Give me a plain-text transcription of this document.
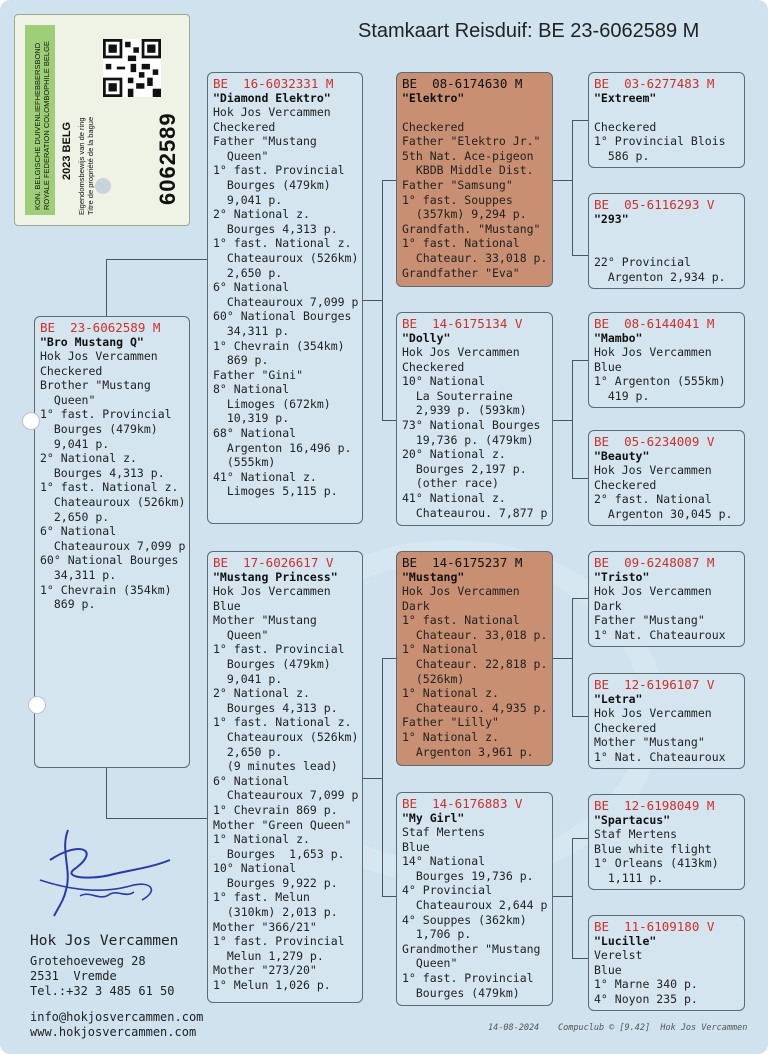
Stamkaart Reisduif: BE 23-6062589 M
KON. BELGISCHE DUIVENLIEFHEBBERSBOND ROYALE FEDERATION COLOMBOPHILE BELGE 2023 BELG Eigendomsbewijs van de ring Titre de propriété de la bague	6062589
BE  23-6062589 M
"Bro Mustang Q"
Hok Jos Vercammen
Checkered
Brother "Mustang
Queen"
1° fast. Provincial
Bourges (479km)
9,041 p.
2° National z.
Bourges 4,313 p.
1° fast. National z.
Chateauroux (526km)
2,650 p.
6° National
Chateauroux 7,099 p
60° National Bourges
34,311 p.
1° Chevrain (354km)
869 p.
BE  16-6032331 M
"Diamond Elektro"
Hok Jos Vercammen
Checkered
Father "Mustang
Queen"
1° fast. Provincial
Bourges (479km)
9,041 p.
2° National z.
Bourges 4,313 p.
1° fast. National z.
Chateauroux (526km)
2,650 p.
6° National
Chateauroux 7,099 p
60° National Bourges
34,311 p.
1° Chevrain (354km)
869 p.
Father "Gini"
8° National
Limoges (672km)
10,319 p.
68° National
Argenton 16,496 p.
(555km)
41° National z.
Limoges 5,115 p.
BE  17-6026617 V
"Mustang Princess"
Hok Jos Vercammen
Blue
Mother "Mustang
Queen"
1° fast. Provincial
Bourges (479km)
9,041 p.
2° National z.
Bourges 4,313 p.
1° fast. National z.
Chateauroux (526km)
2,650 p.
(9 minutes lead)
6° National
Chateauroux 7,099 p
1° Chevrain 869 p.
Mother "Green Queen"
1° National z.
Bourges  1,653 p.
10° National
Bourges 9,922 p.
1° fast. Melun
(310km) 2,013 p.
Mother "366/21"
1° fast. Provincial
Melun 1,279 p.
Mother "273/20"
1° Melun 1,026 p.
BE  08-6174630 M
"Elektro"

Checkered
Father "Elektro Jr."
5th Nat. Ace-pigeon
KBDB Middle Dist.
Father "Samsung"
1° fast. Souppes
(357km) 9,294 p.
Grandfath. "Mustang"
1° fast. National
Chateaur. 33,018 p.
Grandfather "Eva"
BE  14-6175134 V
"Dolly"
Hok Jos Vercammen
Checkered
10° National
La Souterraine
2,939 p. (593km)
73° National Bourges
19,736 p. (479km)
20° National z.
Bourges 2,197 p.
(other race)
41° National z.
Chateaurou. 7,877 p
BE  14-6175237 M
"Mustang"
Hok Jos Vercammen
Dark
1° fast. National
Chateaur. 33,018 p.
1° National
Chateaur. 22,818 p.
(526km)
1° National z.
Chateauro. 4,935 p.
Father "Lilly"
1° National z.
Argenton 3,961 p.
BE  14-6176883 V
"My Girl"
Staf Mertens
Blue
14° National
Bourges 19,736 p.
4° Provincial
Chateauroux 2,644 p
4° Souppes (362km)
1,706 p.
Grandmother "Mustang
Queen"
1° fast. Provincial
Bourges (479km)
BE  03-6277483 M
"Extreem"

Checkered
1° Provincial Blois
586 p.
BE  05-6116293 V
"293"

22° Provincial
Argenton 2,934 p.
BE  08-6144041 M
"Mambo"
Hok Jos Vercammen
Blue
1° Argenton (555km)
419 p.
BE  05-6234009 V
"Beauty"
Hok Jos Vercammen
Checkered
2° fast. National
Argenton 30,045 p.
BE  09-6248087 M
"Tristo"
Hok Jos Vercammen
Dark
Father "Mustang"
1° Nat. Chateauroux
BE  12-6196107 V
"Letra"
Hok Jos Vercammen
Checkered
Mother "Mustang"
1° Nat. Chateauroux
BE  12-6198049 M
"Spartacus"
Staf Mertens
Blue white flight
1° Orleans (413km)
1,111 p.
BE  11-6109180 V
"Lucille"
Verelst
Blue
1° Marne 340 p.
4° Noyon 235 p.
Hok Jos Vercammen
Grotehoeveweg 28
2531  Vremde
Tel.:+32 3 485 61 50
info@hokjosvercammen.com
www.hokjosvercammen.com	14-08-2024 Compuclub © [9.42]  Hok Jos Vercammen
